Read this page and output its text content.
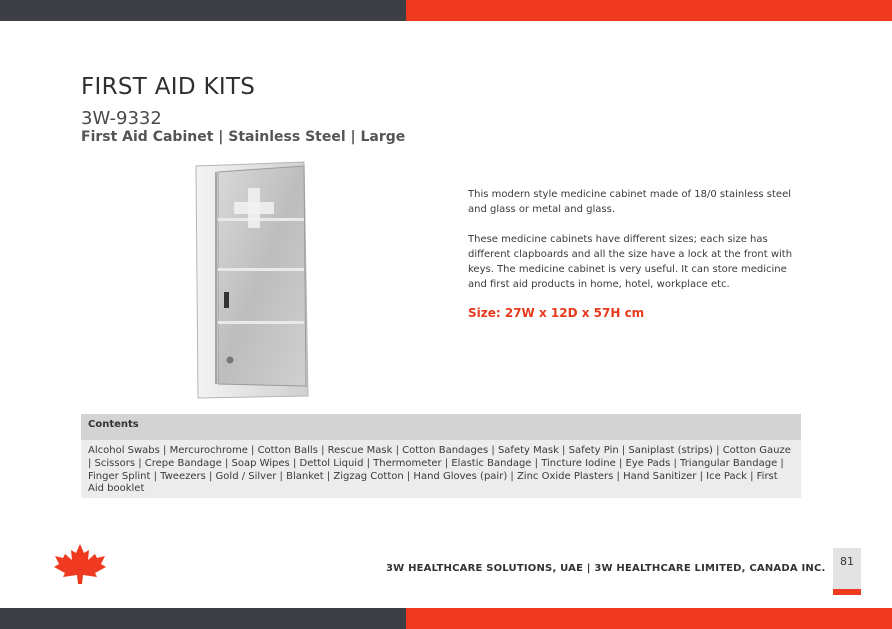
FIRST AID KITS
3W-9332
First Aid Cabinet | Stainless Steel | Large

This modern style medicine cabinet made of 18/0 stainless steel and glass or metal and glass.

These medicine cabinets have different sizes; each size has different clapboards and all the size have a lock at the front with keys. The medicine cabinet is very useful. It can store medicine and first aid products in home, hotel, workplace etc.

Size: 27W x 12D x 57H cm
Contents
Alcohol Swabs | Mercurochrome | Cotton Balls | Rescue Mask | Cotton Bandages | Safety Mask | Safety Pin | Saniplast (strips) | Cotton Gauze | Scissors | Crepe Bandage | Soap Wipes | Dettol Liquid | Thermometer | Elastic Bandage | Tincture Iodine | Eye Pads | Triangular Bandage | Finger Splint | Tweezers | Gold / Silver | Blanket | Zigzag Cotton | Hand Gloves (pair) | Zinc Oxide Plasters | Hand Sanitizer | Ice Pack | First Aid booklet
3W HEALTHCARE SOLUTIONS, UAE | 3W HEALTHCARE LIMITED, CANADA INC.
81
